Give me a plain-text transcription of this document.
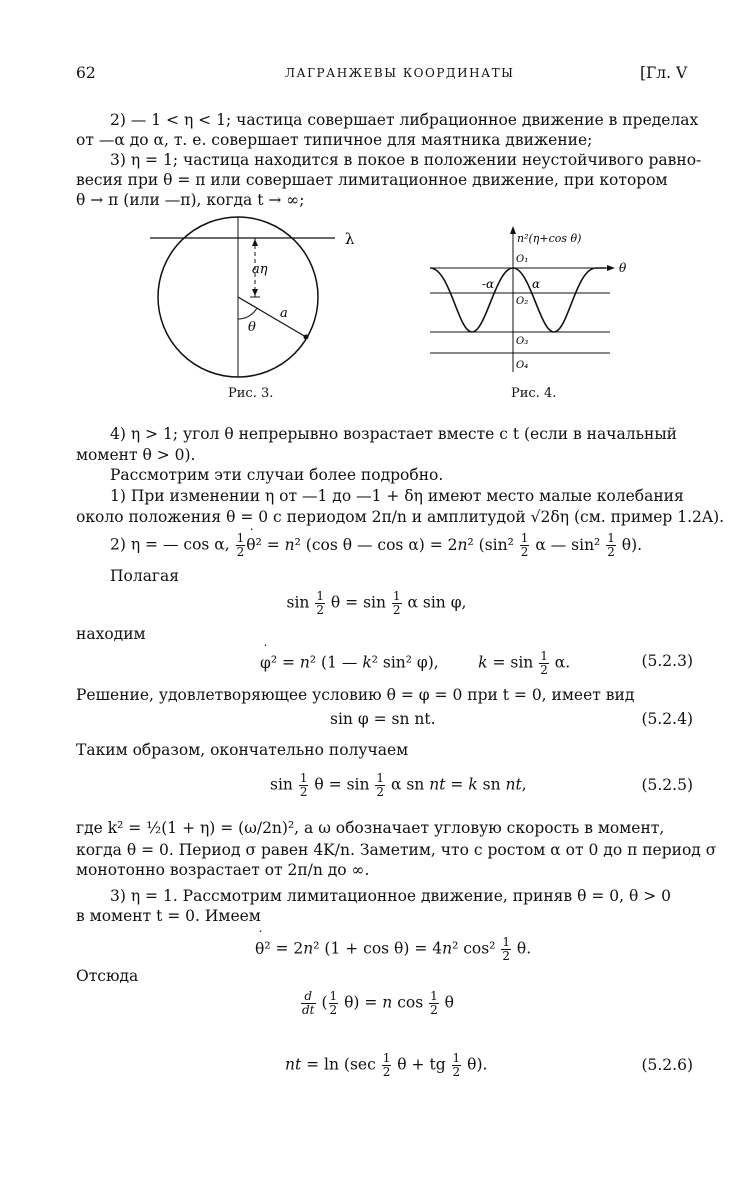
62	ЛАГРАНЖЕВЫ КООРДИНАТЫ	[Гл. V
2) — 1 < η < 1; частица совершает либрационное движение в пределах
от —α до α, т. е. совершает типичное для маятника движение;
3) η = 1; частица находится в покое в положении неустойчивого равно-
весия при θ = π или совершает лимитационное движение, при котором
θ → π (или —π), когда t → ∞;
λ
aη
a
θ
Рис. 3.
n²(η+cos θ)
θ
-α	α
O₁
O₂
O₃
O₄
Рис. 4.
4) η > 1; угол θ непрерывно возрастает вместе с t (если в начальный
момент θ > 0).
Рассмотрим эти случаи более подробно.
1) При изменении η от —1 до —1 + δη имеют место малые колебания
около положения θ = 0 с периодом 2π/n и амплитудой √2δη (см. пример 1.2A).
2) η = — cos α, $\frac{1}{2}$
˙ θ² = n² (cos θ — cos α) = 2n² ($\sin^2 \frac{1}{2}$ α — $\sin^2 \frac{1}{2} \theta$).
Полагая
$\sin \frac{1}{2}$ $\theta = \sin \frac{1}{2}$ α sin φ,
находим
˙ φ² = n² (1 — k² sin² φ),        $k = \sin \frac{1}{2} \alpha$.	(5.2.3)
Решение, удовлетворяющее условию θ = φ = 0 при t = 0, имеет вид
sin φ = sn nt.	(5.2.4)
Таким образом, окончательно получаем
$\sin \frac{1}{2}$ $\theta = \sin \frac{1}{2}$ α sn nt = k sn nt,	(5.2.5)
где k² = ½(1 + η) = (ω/2n)², а ω обозначает угловую скорость в момент,
когда θ = 0. Период σ равен 4K/n. Заметим, что с ростом α от 0 до π период σ
монотонно возрастает от 2π/n до ∞.
3) η = 1. Рассмотрим лимитационное движение, приняв θ = 0, θ > 0
в момент t = 0. Имеем
˙ θ² = 2n² (1 + cos θ) = 4n² $\cos^2 \frac{1}{2} \theta$.
Отсюда
$\frac{d}{dt}$ ( $\frac{1}{2} \theta) = n$ $\cos \frac{1}{2}$ θ
nt = $\ln (\sec \frac{1}{2}$ θ + tg $\frac{1}{2} \theta$).	(5.2.6)
